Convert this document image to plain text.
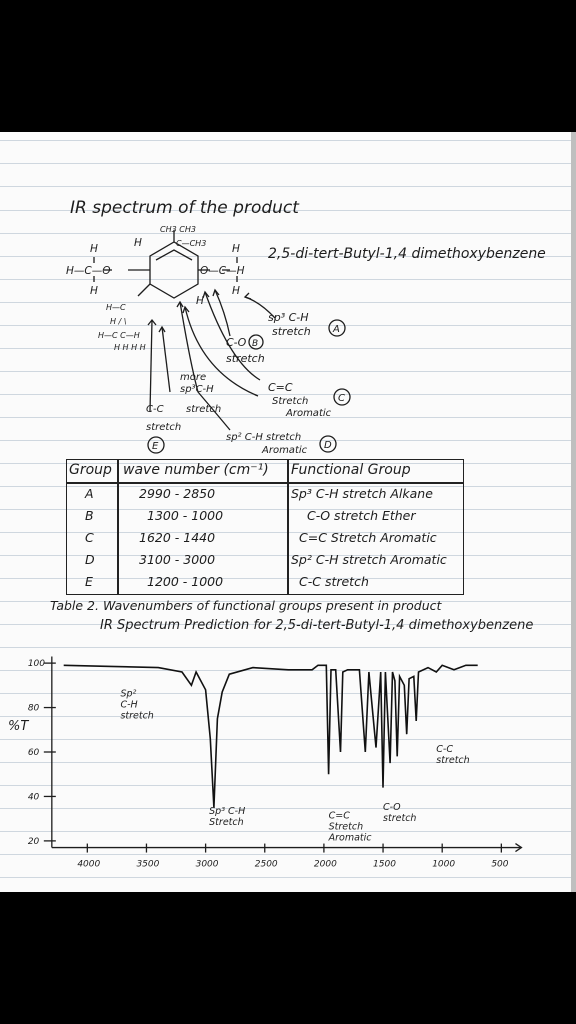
IR spectrum of the product
2,5-di-tert-Butyl-1,4 dimethoxybenzene
CH3 CH3
C—CH3
H—C—O	O—C—H
H	H
H	H
H
H
H—C
H / \
H—C C—H
H H H H
sp³ C-H
stretch A
C-O B
stretch
more
sp³C-H
stretch
C-C
stretch
E
C=C
Stretch	C
Aromatic
sp² C-H stretch
D
Aromatic
Group wave number (cm⁻¹) Functional Group
A	2990 - 2850	Sp³ C-H stretch Alkane
B	1300 - 1000	C-O stretch Ether
C	1620 - 1440	C=C Stretch Aromatic
D	3100 - 3000	Sp² C-H stretch Aromatic
E	1200 - 1000	C-C stretch
Table 2. Wavenumbers of functional groups present in product
IR Spectrum Prediction for 2,5-di-tert-Butyl-1,4 dimethoxybenzene
100
80
60
40
20
4000	3500	3000	2500	2000	1500	1000	500
%T
Sp²
C-H
stretch
Sp³ C-H
Stretch
C=C
Stretch
Aromatic
C-O
stretch
C-C
stretch
